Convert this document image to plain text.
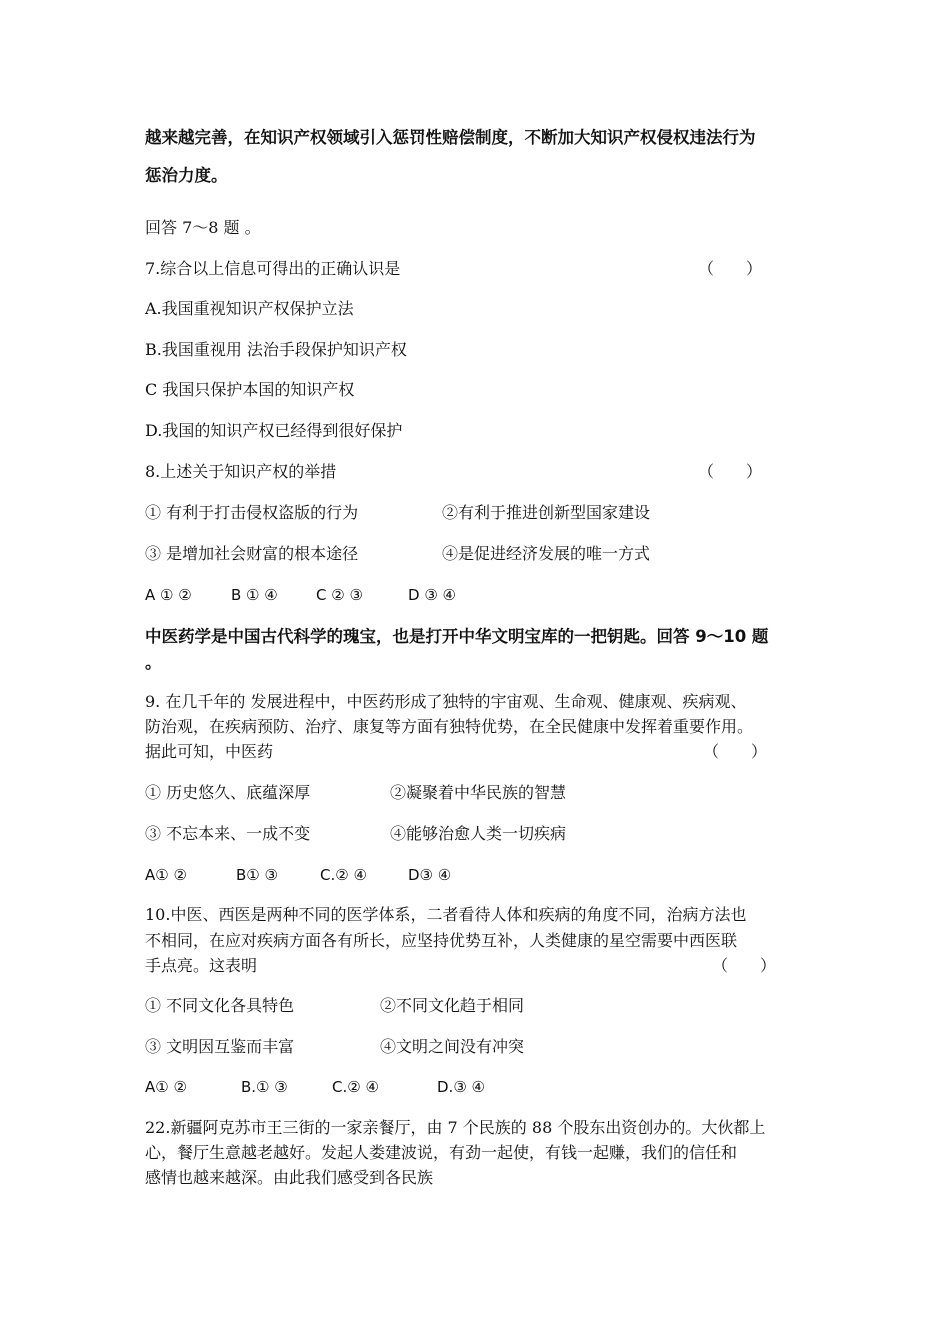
越来越完善，在知识产权领域引入惩罚性赔偿制度，不断加大知识产权侵权违法行为
惩治力度。
回答 7～8 题 。
7.综合以上信息可得出的正确认识是	（　　）
A.我国重视知识产权保护立法
B.我国重视用 法治手段保护知识产权
C 我国只保护本国的知识产权
D.我国的知识产权已经得到很好保护
8.上述关于知识产权的举措	（　　）
① 有利于打击侵权盗版的行为	②有利于推进创新型国家建设
③ 是增加社会财富的根本途径	④是促进经济发展的唯一方式
A ① ②	B ① ④	C ② ③	D ③ ④
中医药学是中国古代科学的瑰宝，也是打开中华文明宝库的一把钥匙。回答 9～10 题
。
9. 在几千年的 发展进程中，中医药形成了独特的宇宙观、生命观、健康观、疾病观、
防治观，在疾病预防、治疗、康复等方面有独特优势，在全民健康中发挥着重要作用。
据此可知，中医药	（　　）
① 历史悠久、底蕴深厚	②凝聚着中华民族的智慧
③ 不忘本来、一成不变	④能够治愈人类一切疾病
A① ②	B① ③	C.② ④	D③ ④
10.中医、西医是两种不同的医学体系，二者看待人体和疾病的角度不同，治病方法也
不相同，在应对疾病方面各有所长，应坚持优势互补，人类健康的星空需要中西医联
手点亮。这表明	（　　）
① 不同文化各具特色	②不同文化趋于相同
③ 文明因互鉴而丰富	④文明之间没有冲突
A① ②	B.① ③	C.② ④	D.③ ④
22.新疆阿克苏市王三街的一家亲餐厅，由 7 个民族的 88 个股东出资创办的。大伙都上
心，餐厅生意越老越好。发起人娄建波说，有劲一起使，有钱一起赚，我们的信任和
感情也越来越深。由此我们感受到各民族
